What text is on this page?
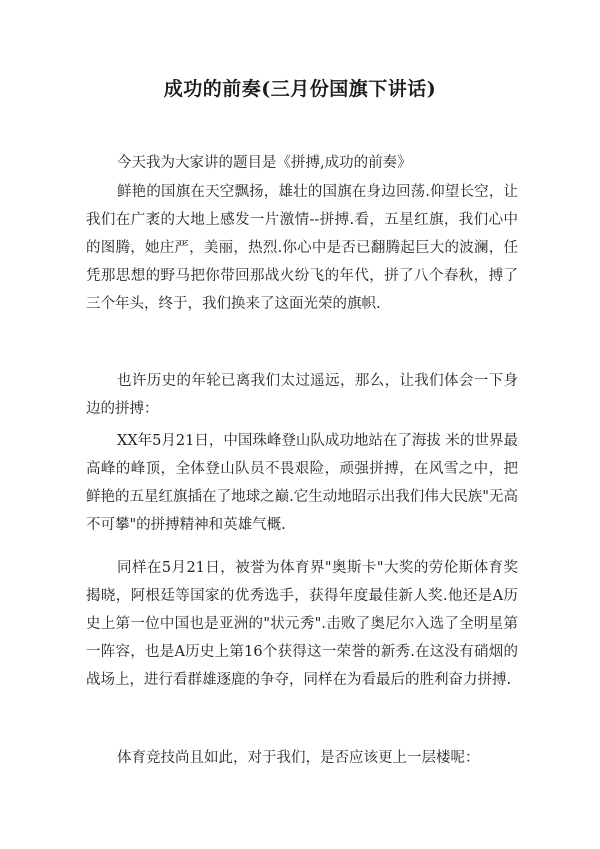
成功的前奏(三月份国旗下讲话)
今天我为大家讲的题目是《拼搏,成功的前奏》

鲜艳的国旗在天空飘扬，雄壮的国旗在身边回荡.仰望长空，让我们在广袤的大地上感发一片激情--拼搏.看，五星红旗，我们心中的图腾，她庄严，美丽，热烈.你心中是否已翻腾起巨大的波澜，任凭那思想的野马把你带回那战火纷飞的年代，拼了八个春秋，搏了三个年头，终于，我们换来了这面光荣的旗帜.

也许历史的年轮已离我们太过遥远，那么，让我们体会一下身边的拼搏：

XX年5月21日，中国珠峰登山队成功地站在了海拔 米的世界最高峰的峰顶，全体登山队员不畏艰险，顽强拼搏，在风雪之中，把鲜艳的五星红旗插在了地球之巅.它生动地昭示出我们伟大民族"无高不可攀"的拼搏精神和英雄气概.

同样在5月21日，被誉为体育界"奥斯卡"大奖的劳伦斯体育奖揭晓，阿根廷等国家的优秀选手，获得年度最佳新人奖.他还是A历史上第一位中国也是亚洲的"状元秀".击败了奥尼尔入选了全明星第一阵容，也是A历史上第16个获得这一荣誉的新秀.在这没有硝烟的战场上，进行看群雄逐鹿的争夺，同样在为看最后的胜利奋力拼搏.

体育竞技尚且如此，对于我们，是否应该更上一层楼呢：
